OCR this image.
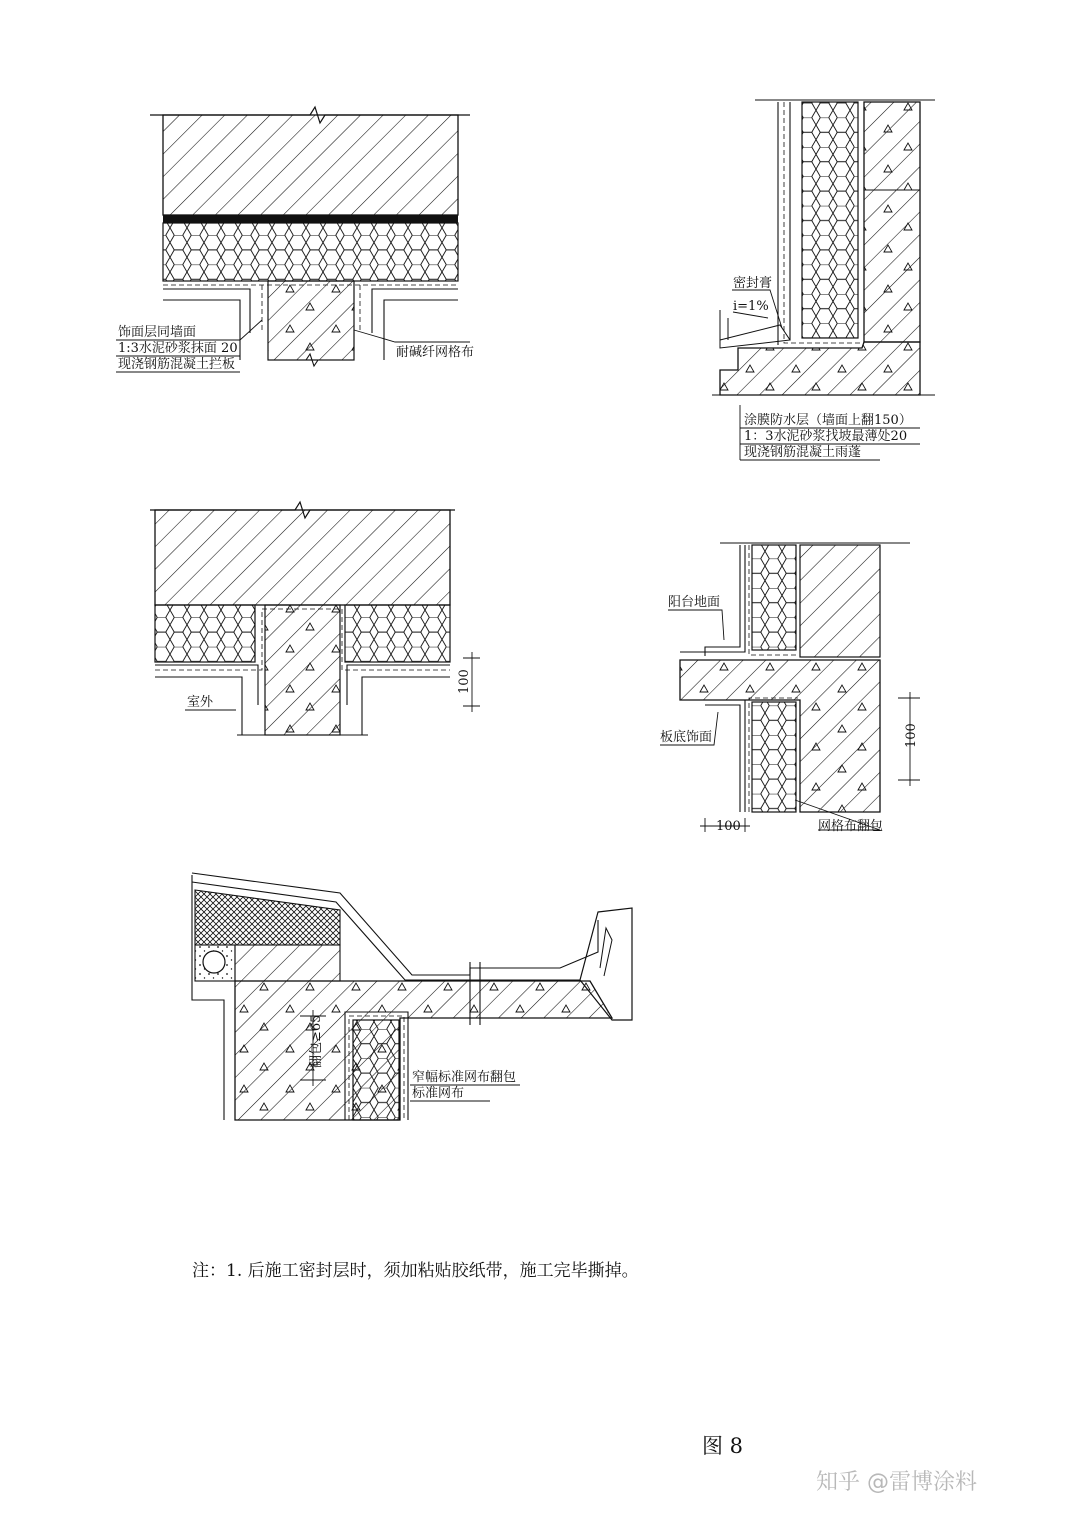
饰面层同墙面
1:3水泥砂浆抹面 20
现浇钢筋混凝土拦板
耐碱纤网格布
密封膏
i=1%
涂膜防水层（墙面上翻150）
1：3水泥砂浆找坡最薄处20
现浇钢筋混凝土雨蓬
室外
100
阳台地面
板底饰面	100
100	网格布翻包
翻包≥65
窄幅标准网布翻包
标准网布
注：1. 后施工密封层时，须加粘贴胶纸带，施工完毕撕掉。
图 8
知乎 @雷博涂料
